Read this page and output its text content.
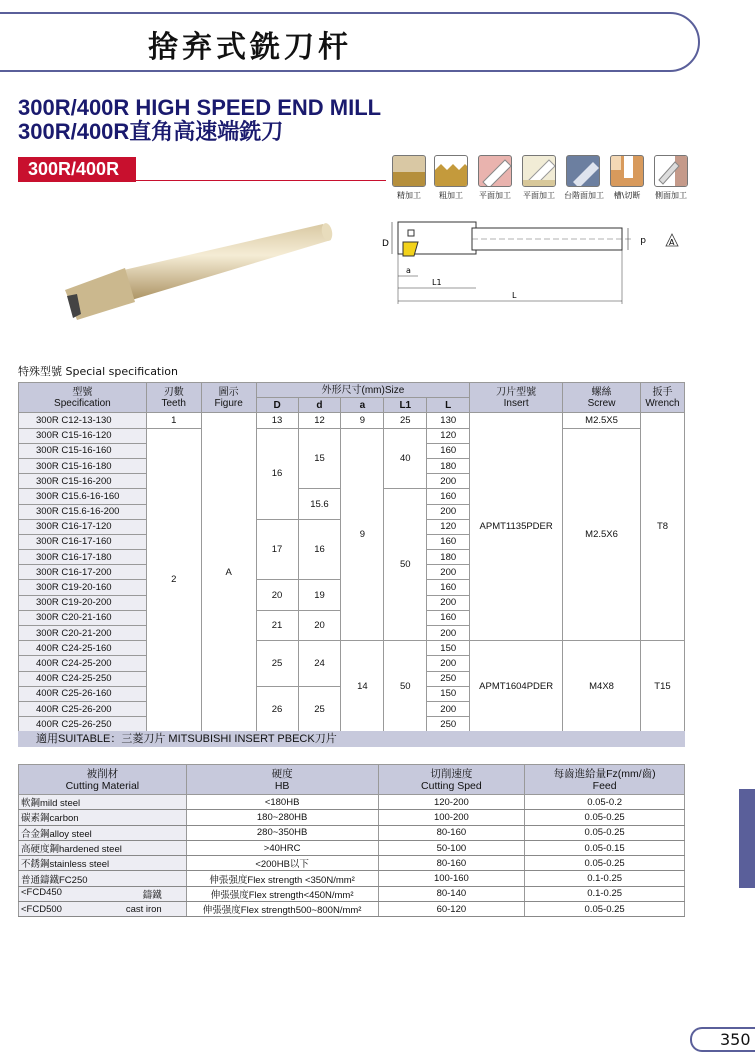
捨弃式銑刀杆
300R/400R HIGH SPEED END MILL
300R/400R直角高速端銑刀
300R/400R
精加工	粗加工	平面加工	平面加工	台階面加工	槽\切断	側面加工
D	d	A
a
L1
L
特殊型號 Special specification
型號
Specification	刃數
Teeth	圖示
Figure	外形尺寸(mm)Size					刀片型號
Insert	螺絲
Screw	扳手
Wrench
			D	d	a	L1	L			
300R C12-13-130	1	A	13	12	9	25	130	APMT1135PDER	M2.5X5	T8
300R C15-16-120	2		16	15	9	40	120		M2.5X6	
300R C15-16-160							160			
300R C15-16-180							180			
300R C15-16-200							200			
300R C15.6-16-160				15.6		50	160			
300R C15.6-16-200							200			
300R C16-17-120			17	16			120			
300R C16-17-160							160			
300R C16-17-180							180			
300R C16-17-200							200			
300R C19-20-160			20	19			160			
300R C19-20-200							200			
300R C20-21-160			21	20			160			
300R C20-21-200							200			
400R C24-25-160			25	24	14	50	150	APMT1604PDER	M4X8	T15
400R C24-25-200							200			
400R C24-25-250							250			
400R C25-26-160			26	25			150			
400R C25-26-200							200			
400R C25-26-250							250			
適用SUITABLE：三菱刀片 MITSUBISHI INSERT PBECK刀片
被削材
Cutting Material	硬度
HB	切削速度
Cutting Sped	每齒進給量Fz(mm/齒)
Feed
軟鋼mild steel	<180HB	120-200	0.05-0.2
碳素鋼carbon	180~280HB	100-200	0.05-0.25
合金鋼alloy steel	280~350HB	80-160	0.05-0.25
高硬度鋼hardened steel	>40HRC	50-100	0.05-0.15
不銹鋼stainless steel	<200HB以下	80-160	0.05-0.25
普通鑄鐵FC250	伸張强度Flex strength <350N/mm²	100-160	0.1-0.25
<FCD450 鑄鐵	伸張强度Flex strength<450N/mm²	80-140	0.1-0.25
<FCD500 cast iron	伸張强度Flex strength500~800N/mm²	60-120	0.05-0.25
350
